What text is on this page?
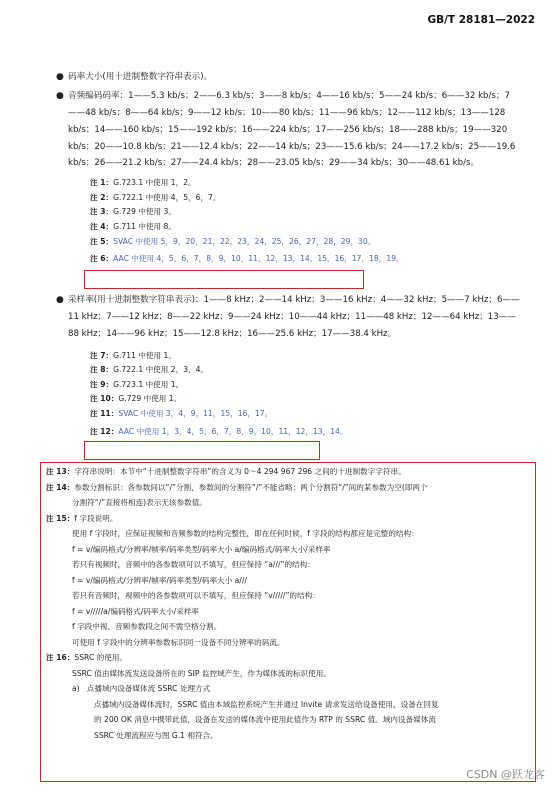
GB/T 28181—2022
● 码率大小(用十进制整数字符串表示)。
● 音频编码码率：1——5.3 kb/s；2——6.3 kb/s；3——8 kb/s；4——16 kb/s；5——24 kb/s；6——32 kb/s；7——48 kb/s；8——64 kb/s；9——12 kb/s；10——80 kb/s；11——96 kb/s；12——112 kb/s；13——128 kb/s；14——160 kb/s；15——192 kb/s；16——224 kb/s；17——256 kb/s；18——288 kb/s；19——320 kb/s；20——10.8 kb/s；21——12.4 kb/s；22——14 kb/s；23——15.6 kb/s；24——17.2 kb/s；25——19.6 kb/s；26——21.2 kb/s；27——24.4 kb/s；28——23.05 kb/s；29——34 kb/s；30——48.61 kb/s。
注 1：G.723.1 中使用 1，2。
注 2：G.722.1 中使用 4，5，6，7。
注 3：G.729 中使用 3。
注 4：G.711 中使用 8。
注 5：SVAC 中使用 5，9，20，21，22，23，24，25，26，27，28，29，30。
注 6：AAC 中使用 4，5，6，7，8，9，10，11，12，13，14，15，16，17，18，19。
● 采样率(用十进制整数字符串表示)：1——8 kHz；2——14 kHz；3——16 kHz；4——32 kHz；5——7 kHz；6——11 kHz；7——12 kHz；8——22 kHz；9——24 kHz；10——44 kHz；11——48 kHz；12——64 kHz；13——88 kHz；14——96 kHz；15——12.8 kHz；16——25.6 kHz；17——38.4 kHz。
注 7：G.711 中使用 1。
注 8：G.722.1 中使用 2，3，4。
注 9：G.723.1 中使用 1。
注 10：G.729 中使用 1。
注 11：SVAC 中使用 3，4，9，11，15，16，17。
注 12：AAC 中使用 1，3，4，5，6，7，8，9，10，11，12，13，14。
注 13：字符串说明：本节中“十进制整数字符串”的含义为 0～4 294 967 296 之间的十进制数字字符串。
注 14：参数分割标识：各参数间以“/”分割，参数间的分割符“/”不能省略；两个分割符“/”间的某参数为空(即两个
分割符“/”直接将相连)表示无该参数值。
注 15：f 字段说明。
使用 f 字段时，应保证视频和音频参数的结构完整性，即在任何时候，f 字段的结构都应是完整的结构：
f = v/编码格式/分辨率/帧率/码率类型/码率大小 a/编码格式/码率大小/采样率
若只有视频时，音频中的各参数项可以不填写，但应保持 “a///”的结构：
f = v/编码格式/分辨率/帧率/码率类型/码率大小 a///
若只有音频时，视频中的各参数项可以不填写，但应保持 “v/////”的结构：
f = v/////a/编码格式/码率大小/采样率
f 字段中视、音频参数段之间不需空格分割。
可使用 f 字段中的分辨率参数标识同一设备不同分辨率的码流。
注 16：SSRC 的使用。
SSRC 值由媒体流发送设备所在的 SIP 监控域产生，作为媒体流的标识使用。
a) 点播域内设备媒体流 SSRC 处理方式
点播域内设备媒体流时，SSRC 值由本域监控系统产生并通过 Invite 请求发送给设备使用，设备在回复
的 200 OK 消息中携带此值，设备在发送的媒体流中使用此值作为 RTP 的 SSRC 值。域内设备媒体流
SSRC 处理流程应与图 G.1 相符合。
CSDN @跃龙客
